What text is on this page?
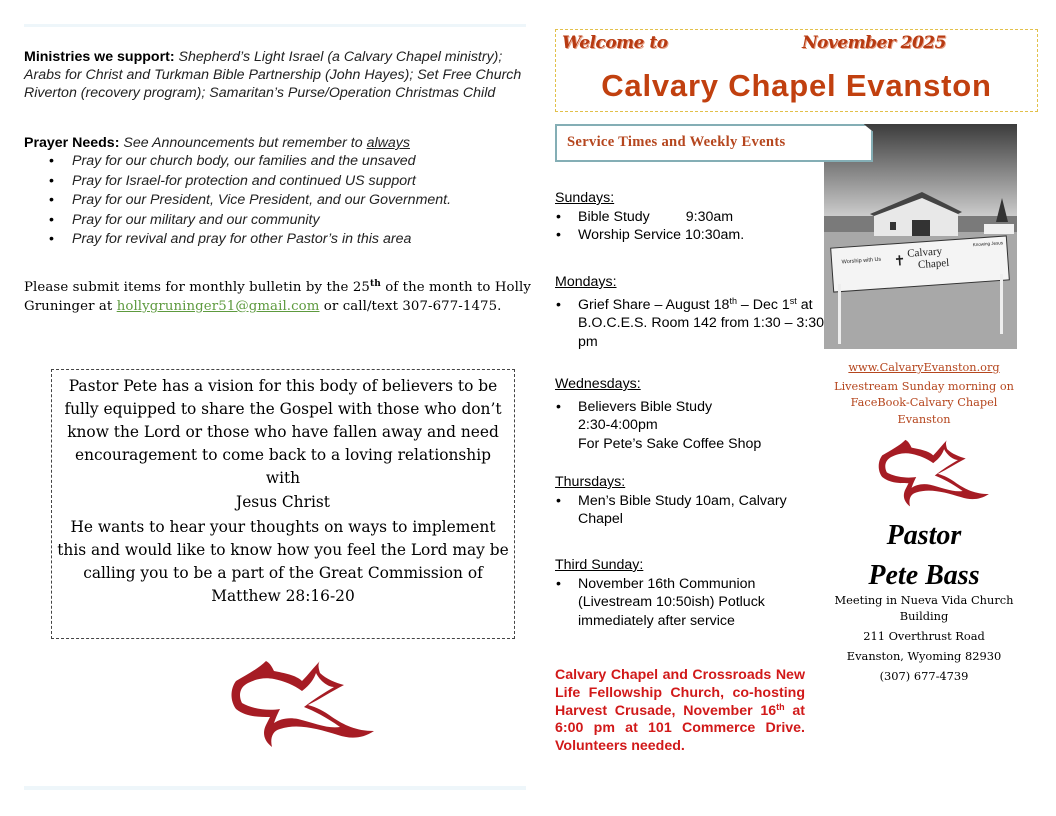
Ministries we support: Shepherd’s Light Israel (a Calvary Chapel ministry); Arabs for Christ and Turkman Bible Partnership (John Hayes); Set Free Church Riverton (recovery program); Samaritan’s Purse/Operation Christmas Child
Prayer Needs: See Announcements but remember to always
• Pray for our church body, our families and the unsaved
• Pray for Israel-for protection and continued US support
• Pray for our President, Vice President, and our Government.
• Pray for our military and our community
• Pray for revival and pray for other Pastor’s in this area
Please submit items for monthly bulletin by the 25th of the month to Holly Gruninger at hollygruninger51@gmail.com or call/text 307-677-1475.

Pastor Pete has a vision for this body of believers to be fully equipped to share the Gospel with those who don’t know the Lord or those who have fallen away and need encouragement to come back to a loving relationship with

Jesus Christ

He wants to hear your thoughts on ways to implement this and would like to know how you feel the Lord may be calling you to be a part of the Great Commission of Matthew 28:16-20

Welcome to	November 2025
Calvary Chapel Evanston
Worship with Us
Calvary
Chapel
Knowing Jesus
✝
Service Times and Weekly Events
Sundays:
• Bible Study	9:30am
• Worship Service 10:30am.
Mondays:
• Grief Share – August 18th – Dec 1st at B.O.C.E.S. Room 142 from 1:30 – 3:30 pm
Wednesdays:
• Believers Bible Study
2:30-4:00pm
For Pete’s Sake Coffee Shop
Thursdays:
• Men’s Bible Study 10am, Calvary Chapel
Third Sunday:
• November 16th Communion (Livestream 10:50ish) Potluck immediately after service
Calvary Chapel and Crossroads New Life Fellowship Church, co-hosting Harvest Crusade, November 16th at 6:00 pm at 101 Commerce Drive. Volunteers needed.
www.CalvaryEvanston.org
Livestream Sunday morning on FaceBook-Calvary Chapel Evanston
Pastor
Pete Bass
Meeting in Nueva Vida Church Building
211 Overthrust Road
Evanston, Wyoming 82930
(307) 677-4739
